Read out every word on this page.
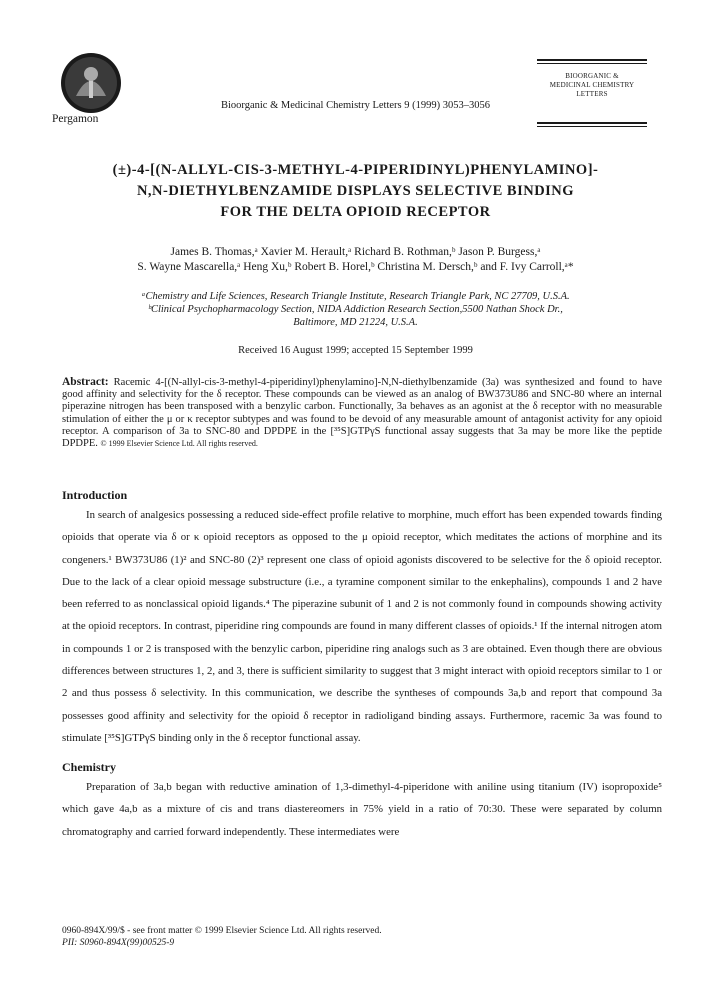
Pergamon
Bioorganic & Medicinal Chemistry Letters 9 (1999) 3053–3056
BIOORGANIC &
MEDICINAL CHEMISTRY
LETTERS
(±)-4-[(N-ALLYL-CIS-3-METHYL-4-PIPERIDINYL)PHENYLAMINO]-
N,N-DIETHYLBENZAMIDE DISPLAYS SELECTIVE BINDING
FOR THE DELTA OPIOID RECEPTOR
James B. Thomas,ᵃ Xavier M. Herault,ᵃ Richard B. Rothman,ᵇ Jason P. Burgess,ᵃ
S. Wayne Mascarella,ᵃ Heng Xu,ᵇ Robert B. Horel,ᵇ Christina M. Dersch,ᵇ and F. Ivy Carroll,ᵃ*
ᵃChemistry and Life Sciences, Research Triangle Institute, Research Triangle Park, NC 27709, U.S.A.
ᵇClinical Psychopharmacology Section, NIDA Addiction Research Section,5500 Nathan Shock Dr.,
Baltimore, MD 21224, U.S.A.
Received 16 August 1999; accepted 15 September 1999
Abstract: Racemic 4-[(N-allyl-cis-3-methyl-4-piperidinyl)phenylamino]-N,N-diethylbenzamide (3a) was synthesized and found to have good affinity and selectivity for the δ receptor. These compounds can be viewed as an analog of BW373U86 and SNC-80 where an internal piperazine nitrogen has been transposed with a benzylic carbon. Functionally, 3a behaves as an agonist at the δ receptor with no measurable stimulation of either the μ or κ receptor subtypes and was found to be devoid of any measurable amount of antagonist activity for any opioid receptor. A comparison of 3a to SNC-80 and DPDPE in the [³⁵S]GTPγS functional assay suggests that 3a may be more like the peptide DPDPE. © 1999 Elsevier Science Ltd. All rights reserved.
Introduction

In search of analgesics possessing a reduced side-effect profile relative to morphine, much effort has been expended towards finding opioids that operate via δ or κ opioid receptors as opposed to the μ opioid receptor, which meditates the actions of morphine and its congeners.¹ BW373U86 (1)² and SNC-80 (2)³ represent one class of opioid agonists discovered to be selective for the δ opioid receptor. Due to the lack of a clear opioid message substructure (i.e., a tyramine component similar to the enkephalins), compounds 1 and 2 have been referred to as nonclassical opioid ligands.⁴ The piperazine subunit of 1 and 2 is not commonly found in compounds showing activity at the opioid receptors. In contrast, piperidine ring compounds are found in many different classes of opioids.¹ If the internal nitrogen atom in compounds 1 or 2 is transposed with the benzylic carbon, piperidine ring analogs such as 3 are obtained. Even though there are obvious differences between structures 1, 2, and 3, there is sufficient similarity to suggest that 3 might interact with opioid receptors similar to 1 or 2 and thus possess δ selectivity. In this communication, we describe the syntheses of compounds 3a,b and report that compound 3a possesses good affinity and selectivity for the opioid δ receptor in radioligand binding assays. Furthermore, racemic 3a was found to stimulate [³⁵S]GTPγS binding only in the δ receptor functional assay.

Chemistry

Preparation of 3a,b began with reductive amination of 1,3-dimethyl-4-piperidone with aniline using titanium (IV) isopropoxide⁵ which gave 4a,b as a mixture of cis and trans diastereomers in 75% yield in a ratio of 70:30. These were separated by column chromatography and carried forward independently. These intermediates were

0960-894X/99/$ - see front matter © 1999 Elsevier Science Ltd. All rights reserved.
PII: S0960-894X(99)00525-9
